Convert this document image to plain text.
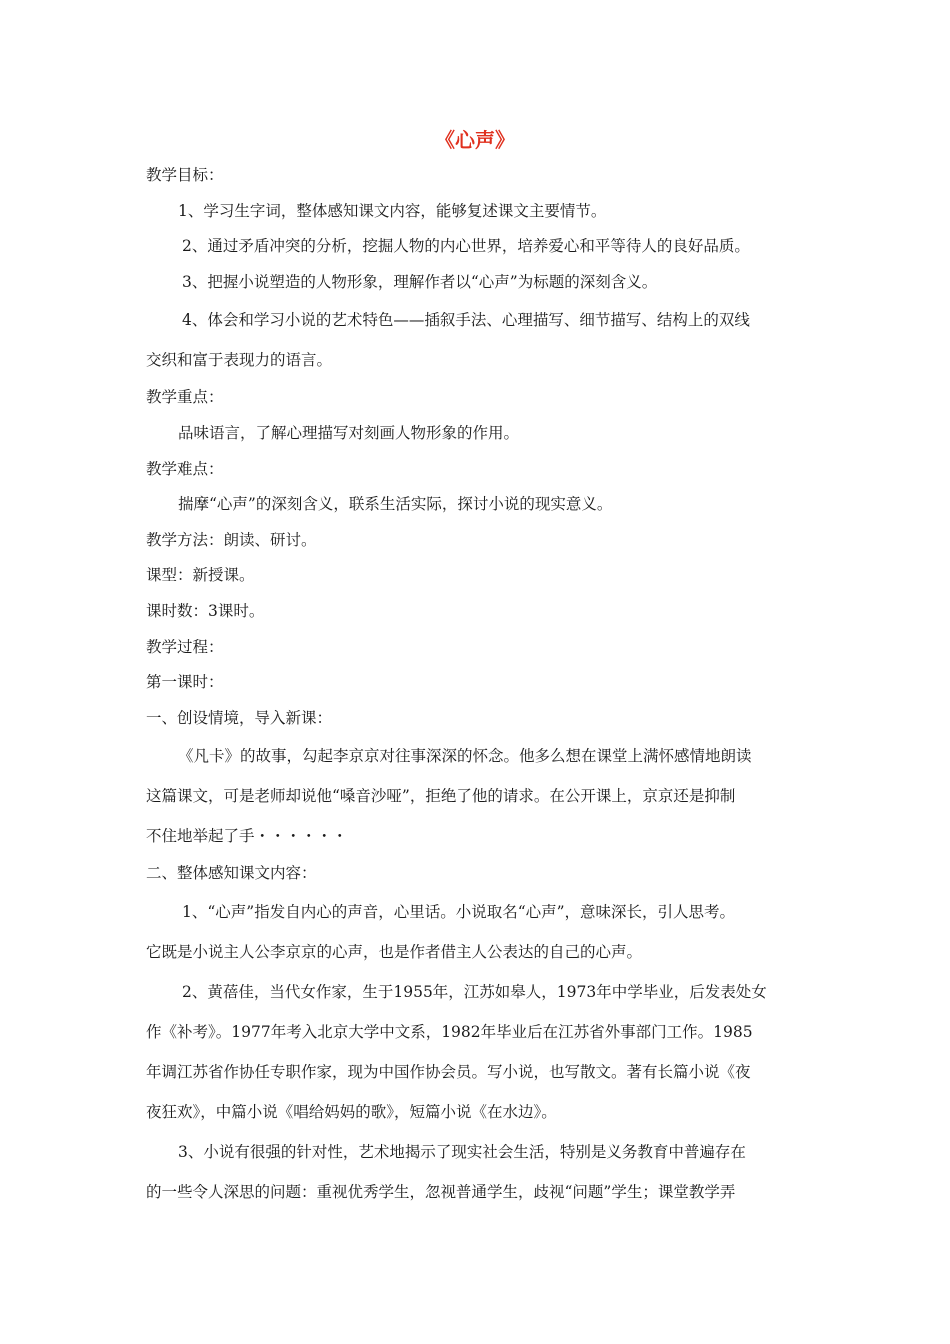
《心声》
教学目标：
1、学习生字词，整体感知课文内容，能够复述课文主要情节。
2、通过矛盾冲突的分析，挖掘人物的内心世界，培养爱心和平等待人的良好品质。
3、把握小说塑造的人物形象，理解作者以“心声”为标题的深刻含义。
4、体会和学习小说的艺术特色——插叙手法、心理描写、细节描写、结构上的双线
交织和富于表现力的语言。
教学重点：
品味语言，了解心理描写对刻画人物形象的作用。
教学难点：
揣摩“心声”的深刻含义，联系生活实际，探讨小说的现实意义。
教学方法：朗读、研讨。
课型：新授课。
课时数：3课时。
教学过程：
第一课时：
一、创设情境，导入新课：
《凡卡》的故事，勾起李京京对往事深深的怀念。他多么想在课堂上满怀感情地朗读
这篇课文，可是老师却说他“嗓音沙哑”，拒绝了他的请求。在公开课上，京京还是抑制
不住地举起了手・・・・・・
二、整体感知课文内容：
1、“心声”指发自内心的声音，心里话。小说取名“心声”，意味深长，引人思考。
它既是小说主人公李京京的心声，也是作者借主人公表达的自己的心声。
2、黄蓓佳，当代女作家，生于1955年，江苏如皋人，1973年中学毕业，后发表处女
作《补考》。1977年考入北京大学中文系，1982年毕业后在江苏省外事部门工作。1985
年调江苏省作协任专职作家，现为中国作协会员。写小说，也写散文。著有长篇小说《夜
夜狂欢》，中篇小说《唱给妈妈的歌》，短篇小说《在水边》。
3、小说有很强的针对性，艺术地揭示了现实社会生活，特别是义务教育中普遍存在
的一些令人深思的问题：重视优秀学生，忽视普通学生，歧视“问题”学生；课堂教学弄
